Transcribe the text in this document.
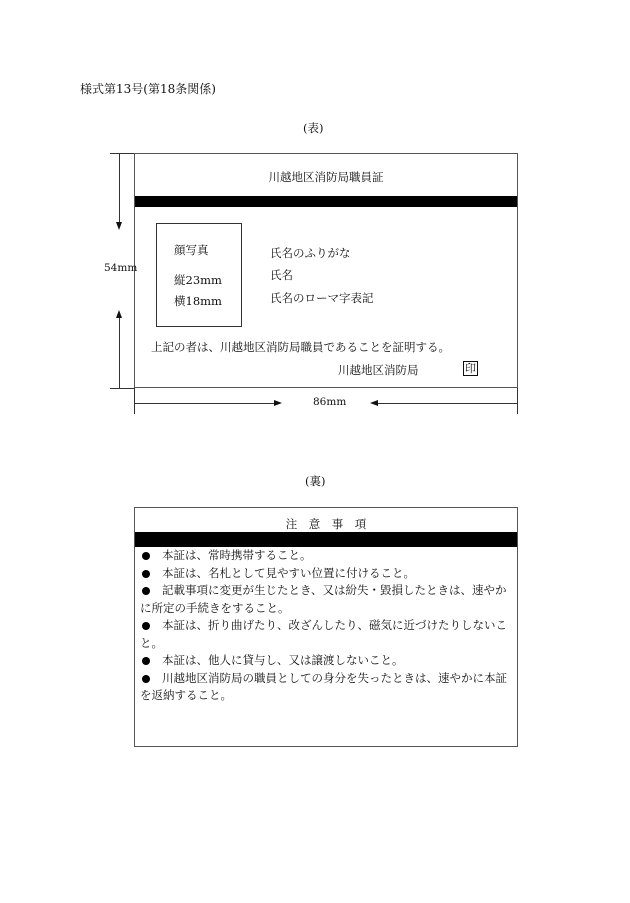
様式第13号(第18条関係)
(表)
川越地区消防局職員証
顔写真
縦23mm
横18mm
氏名のふりがな
氏名
氏名のローマ字表記
上記の者は、川越地区消防局職員であることを証明する。
川越地区消防局	印
54mm
86mm
(裏)
注　意　事　項
本証は、常時携帯すること。
本証は、名札として見やすい位置に付けること。
記載事項に変更が生じたとき、又は紛失・毀損したときは、速やかに所定の手続きをすること。
本証は、折り曲げたり、改ざんしたり、磁気に近づけたりしないこと。
本証は、他人に貸与し、又は譲渡しないこと。
川越地区消防局の職員としての身分を失ったときは、速やかに本証を返納すること。
